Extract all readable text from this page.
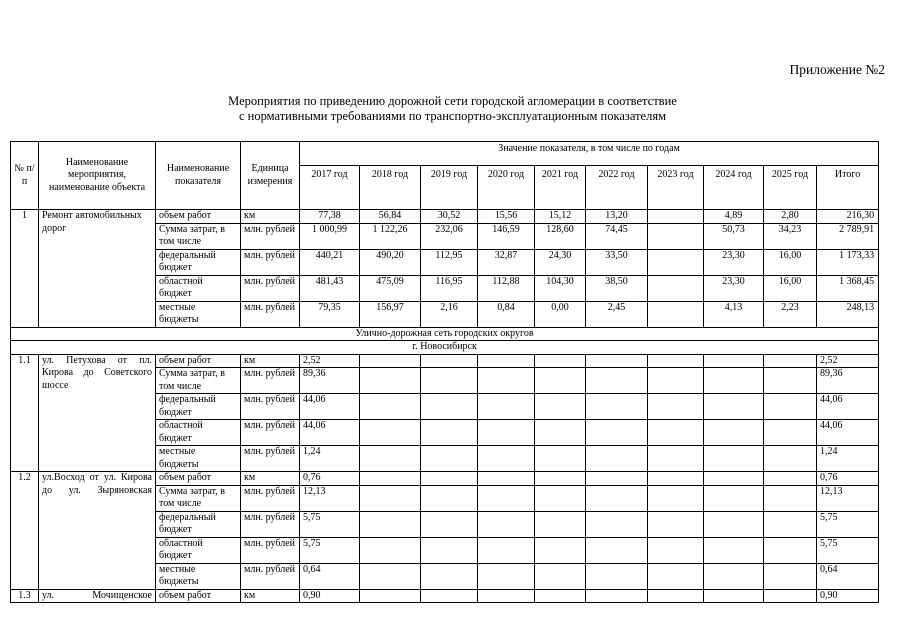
Приложение №2
Мероприятия по приведению дорожной сети городской агломерации в соответствие
с нормативными требованиями по транспортно-эксплуатационным показателям
№ п/п	Наименование мероприятия, наименование объекта	Наименование показателя	Единица измерения	Значение показателя, в том числе по годам									
				2017 год	2018 год	2019 год	2020 год	2021 год	2022 год	2023 год	2024 год	2025 год	Итого
1	Ремонт автомобильных дорог	объем работ	км	77,38	56,84	30,52	15,56	15,12	13,20		4,89	2,80	216,30
		Сумма затрат, в том числе	млн. рублей	1 000,99	1 122,26	232,06	146,59	128,60	74,45		50,73	34,23	2 789,91
		федеральный бюджет	млн. рублей	440,21	490,20	112,95	32,87	24,30	33,50		23,30	16,00	1 173,33
		областной бюджет	млн. рублей	481,43	475,09	116,95	112,88	104,30	38,50		23,30	16,00	1 368,45
		местные бюджеты	млн. рублей	79,35	156,97	2,16	0,84	0,00	2,45		4,13	2,23	248,13
Улично-дорожная сеть городских округов													
г. Новосибирск													
1.1	ул. Петухова от пл. Кирова до Советского шоссе	объем работ	км	2,52									2,52
		Сумма затрат, в том числе	млн. рублей	89,36									89,36
		федеральный бюджет	млн. рублей	44,06									44,06
		областной бюджет	млн. рублей	44,06									44,06
		местные бюджеты	млн. рублей	1,24									1,24
1.2	ул.Восход от ул. Кирова до ул. Зыряновская	объем работ	км	0,76									0,76
		Сумма затрат, в том числе	млн. рублей	12,13									12,13
		федеральный бюджет	млн. рублей	5,75									5,75
		областной бюджет	млн. рублей	5,75									5,75
		местные бюджеты	млн. рублей	0,64									0,64
1.3	ул. Мочищенское	объем работ	км	0,90									0,90
